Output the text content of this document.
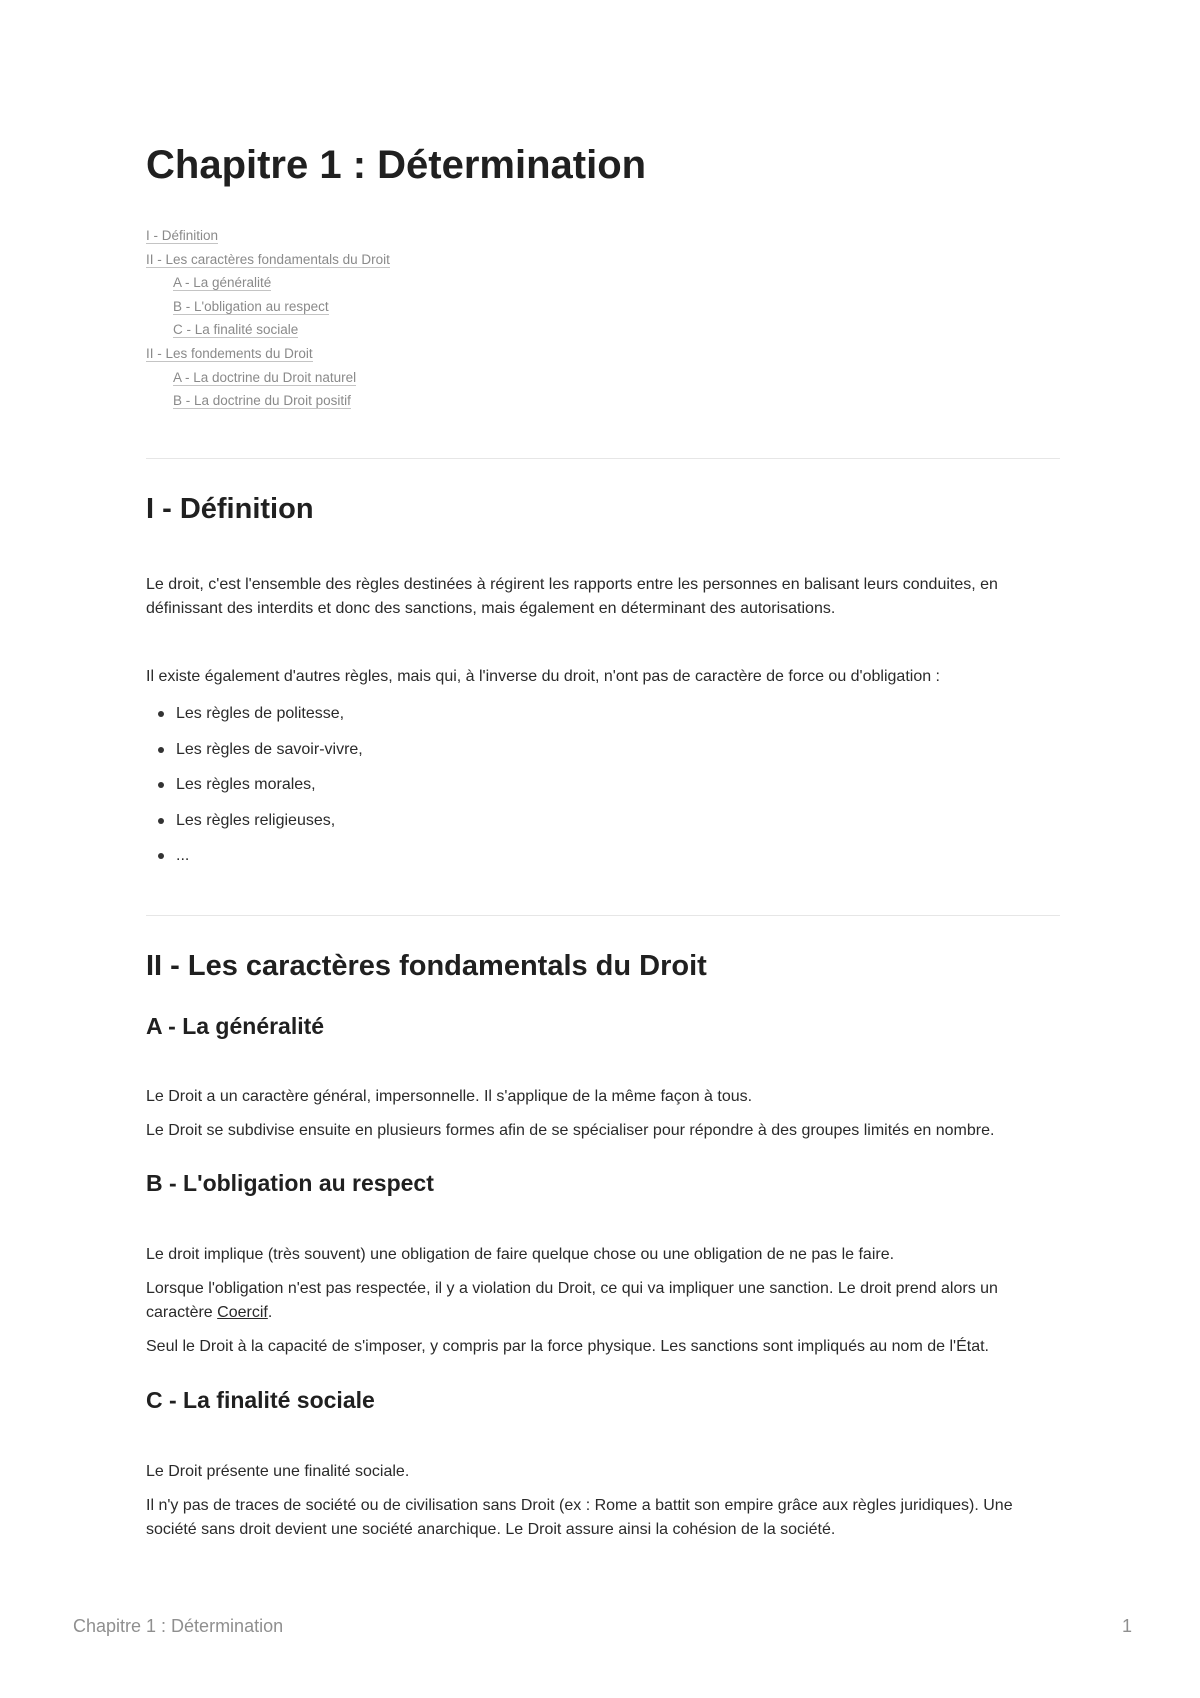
Chapitre 1 : Détermination
I - Définition
II - Les caractères fondamentals du Droit
A - La généralité
B - L'obligation au respect
C - La finalité sociale
II - Les fondements du Droit
A - La doctrine du Droit naturel
B - La doctrine du Droit positif
I - Définition

Le droit, c'est l'ensemble des règles destinées à régirent les rapports entre les personnes en balisant leurs conduites, en définissant des interdits et donc des sanctions, mais également en déterminant des autorisations.

Il existe également d'autres règles, mais qui, à l'inverse du droit, n'ont pas de caractère de force ou d'obligation :

Les règles de politesse,
Les règles de savoir-vivre,
Les règles morales,
Les règles religieuses,
...
II - Les caractères fondamentals du Droit
A - La généralité

Le Droit a un caractère général, impersonnelle. Il s'applique de la même façon à tous.

Le Droit se subdivise ensuite en plusieurs formes afin de se spécialiser pour répondre à des groupes limités en nombre.

B - L'obligation au respect

Le droit implique (très souvent) une obligation de faire quelque chose ou une obligation de ne pas le faire.

Lorsque l'obligation n'est pas respectée, il y a violation du Droit, ce qui va impliquer une sanction. Le droit prend alors un caractère Coercif.

Seul le Droit à la capacité de s'imposer, y compris par la force physique. Les sanctions sont impliqués au nom de l'État.

C - La finalité sociale

Le Droit présente une finalité sociale.

Il n'y pas de traces de société ou de civilisation sans Droit (ex : Rome a battit son empire grâce aux règles juridiques). Une société sans droit devient une société anarchique. Le Droit assure ainsi la cohésion de la société.

Chapitre 1 : Détermination	1
